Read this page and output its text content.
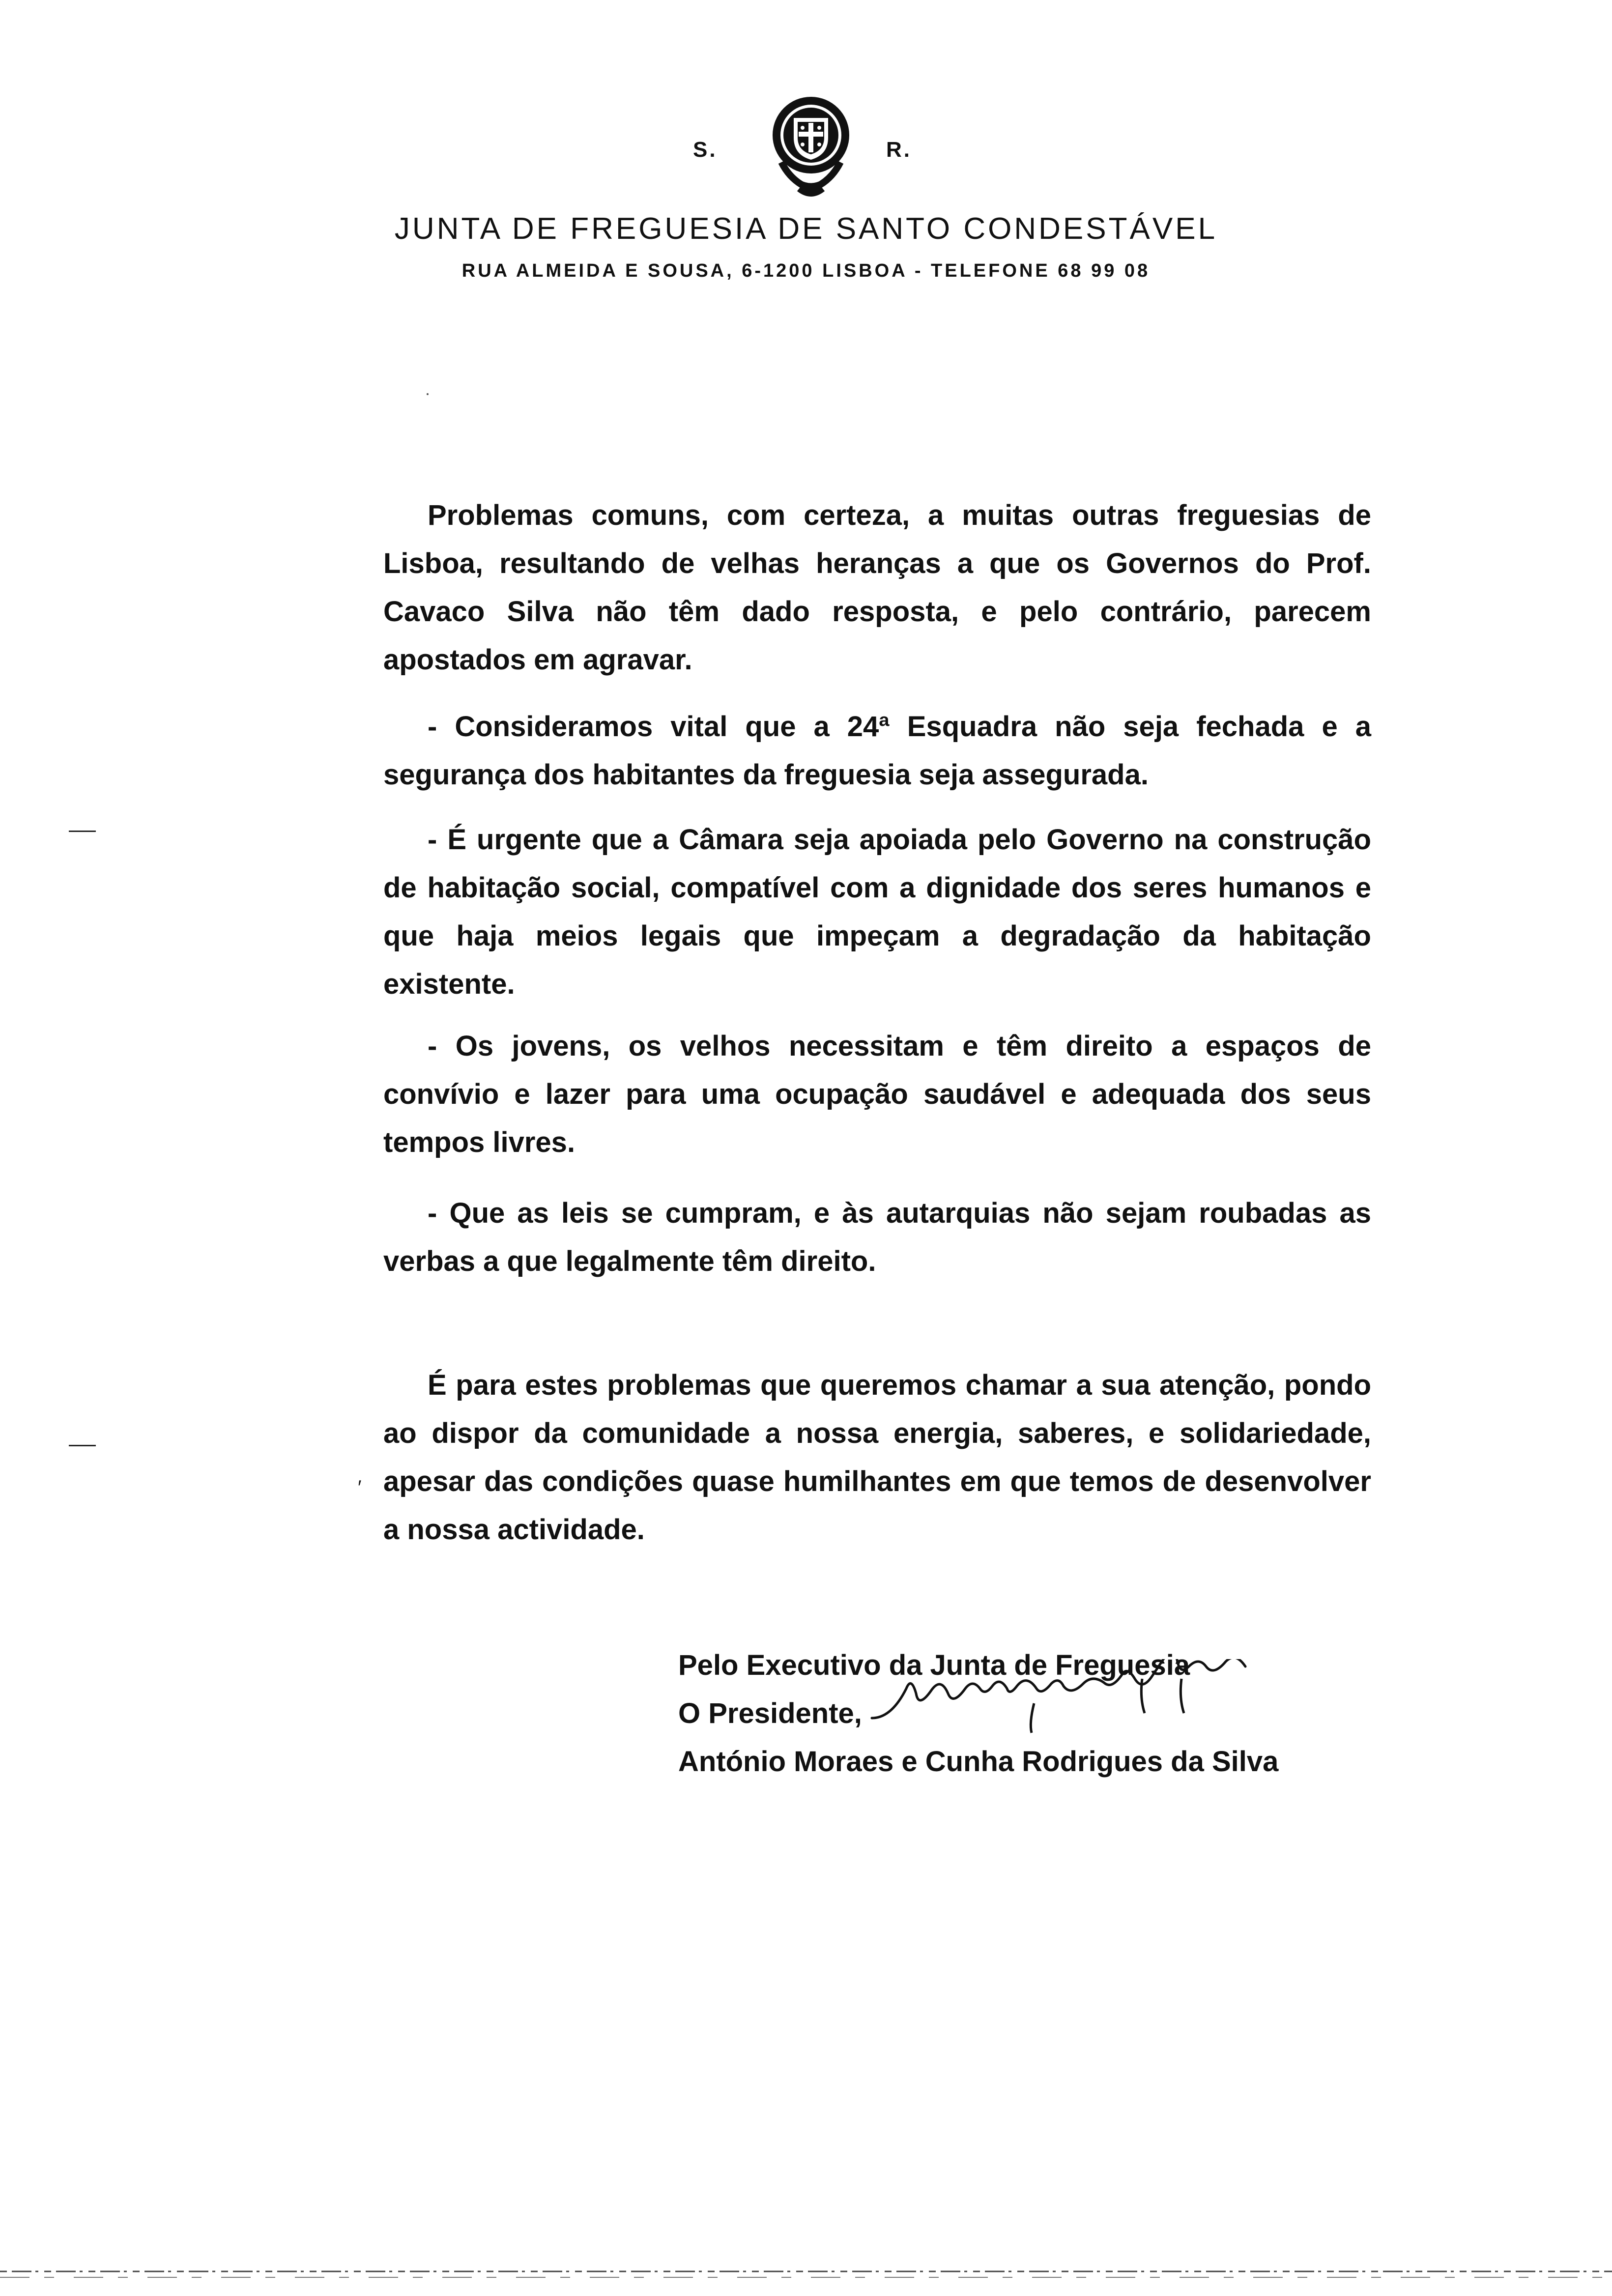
S.	R.
JUNTA DE FREGUESIA DE SANTO CONDESTÁVEL
RUA ALMEIDA E SOUSA, 6-1200 LISBOA - TELEFONE 68 99 08
′

Problemas comuns, com certeza, a muitas outras freguesias de Lisboa, resultando de velhas heranças a que os Governos do Prof. Cavaco Silva não têm dado resposta, e pelo contrário, parecem apostados em agravar.

- Consideramos vital que a 24ª Esquadra não seja fechada e a segurança dos habitantes da freguesia seja assegurada.

- É urgente que a Câmara seja apoiada pelo Governo na construção de habitação social, compatível com a dignidade dos seres humanos e que haja meios legais que impeçam a degradação da habitação existente.

- Os jovens, os velhos necessitam e têm direito a espaços de convívio e lazer para uma ocupação saudável e adequada dos seus tempos livres.

- Que as leis se cumpram, e às autarquias não sejam roubadas as verbas a que legalmente têm direito.

É para estes problemas que queremos chamar a sua atenção, pondo ao dispor da comunidade a nossa energia, saberes, e solidariedade, apesar das condições quase humilhantes em que temos de desenvolver a nossa actividade.

Pelo Executivo da Junta de Freguesia
O Presidente,
António Moraes e Cunha Rodrigues da Silva
